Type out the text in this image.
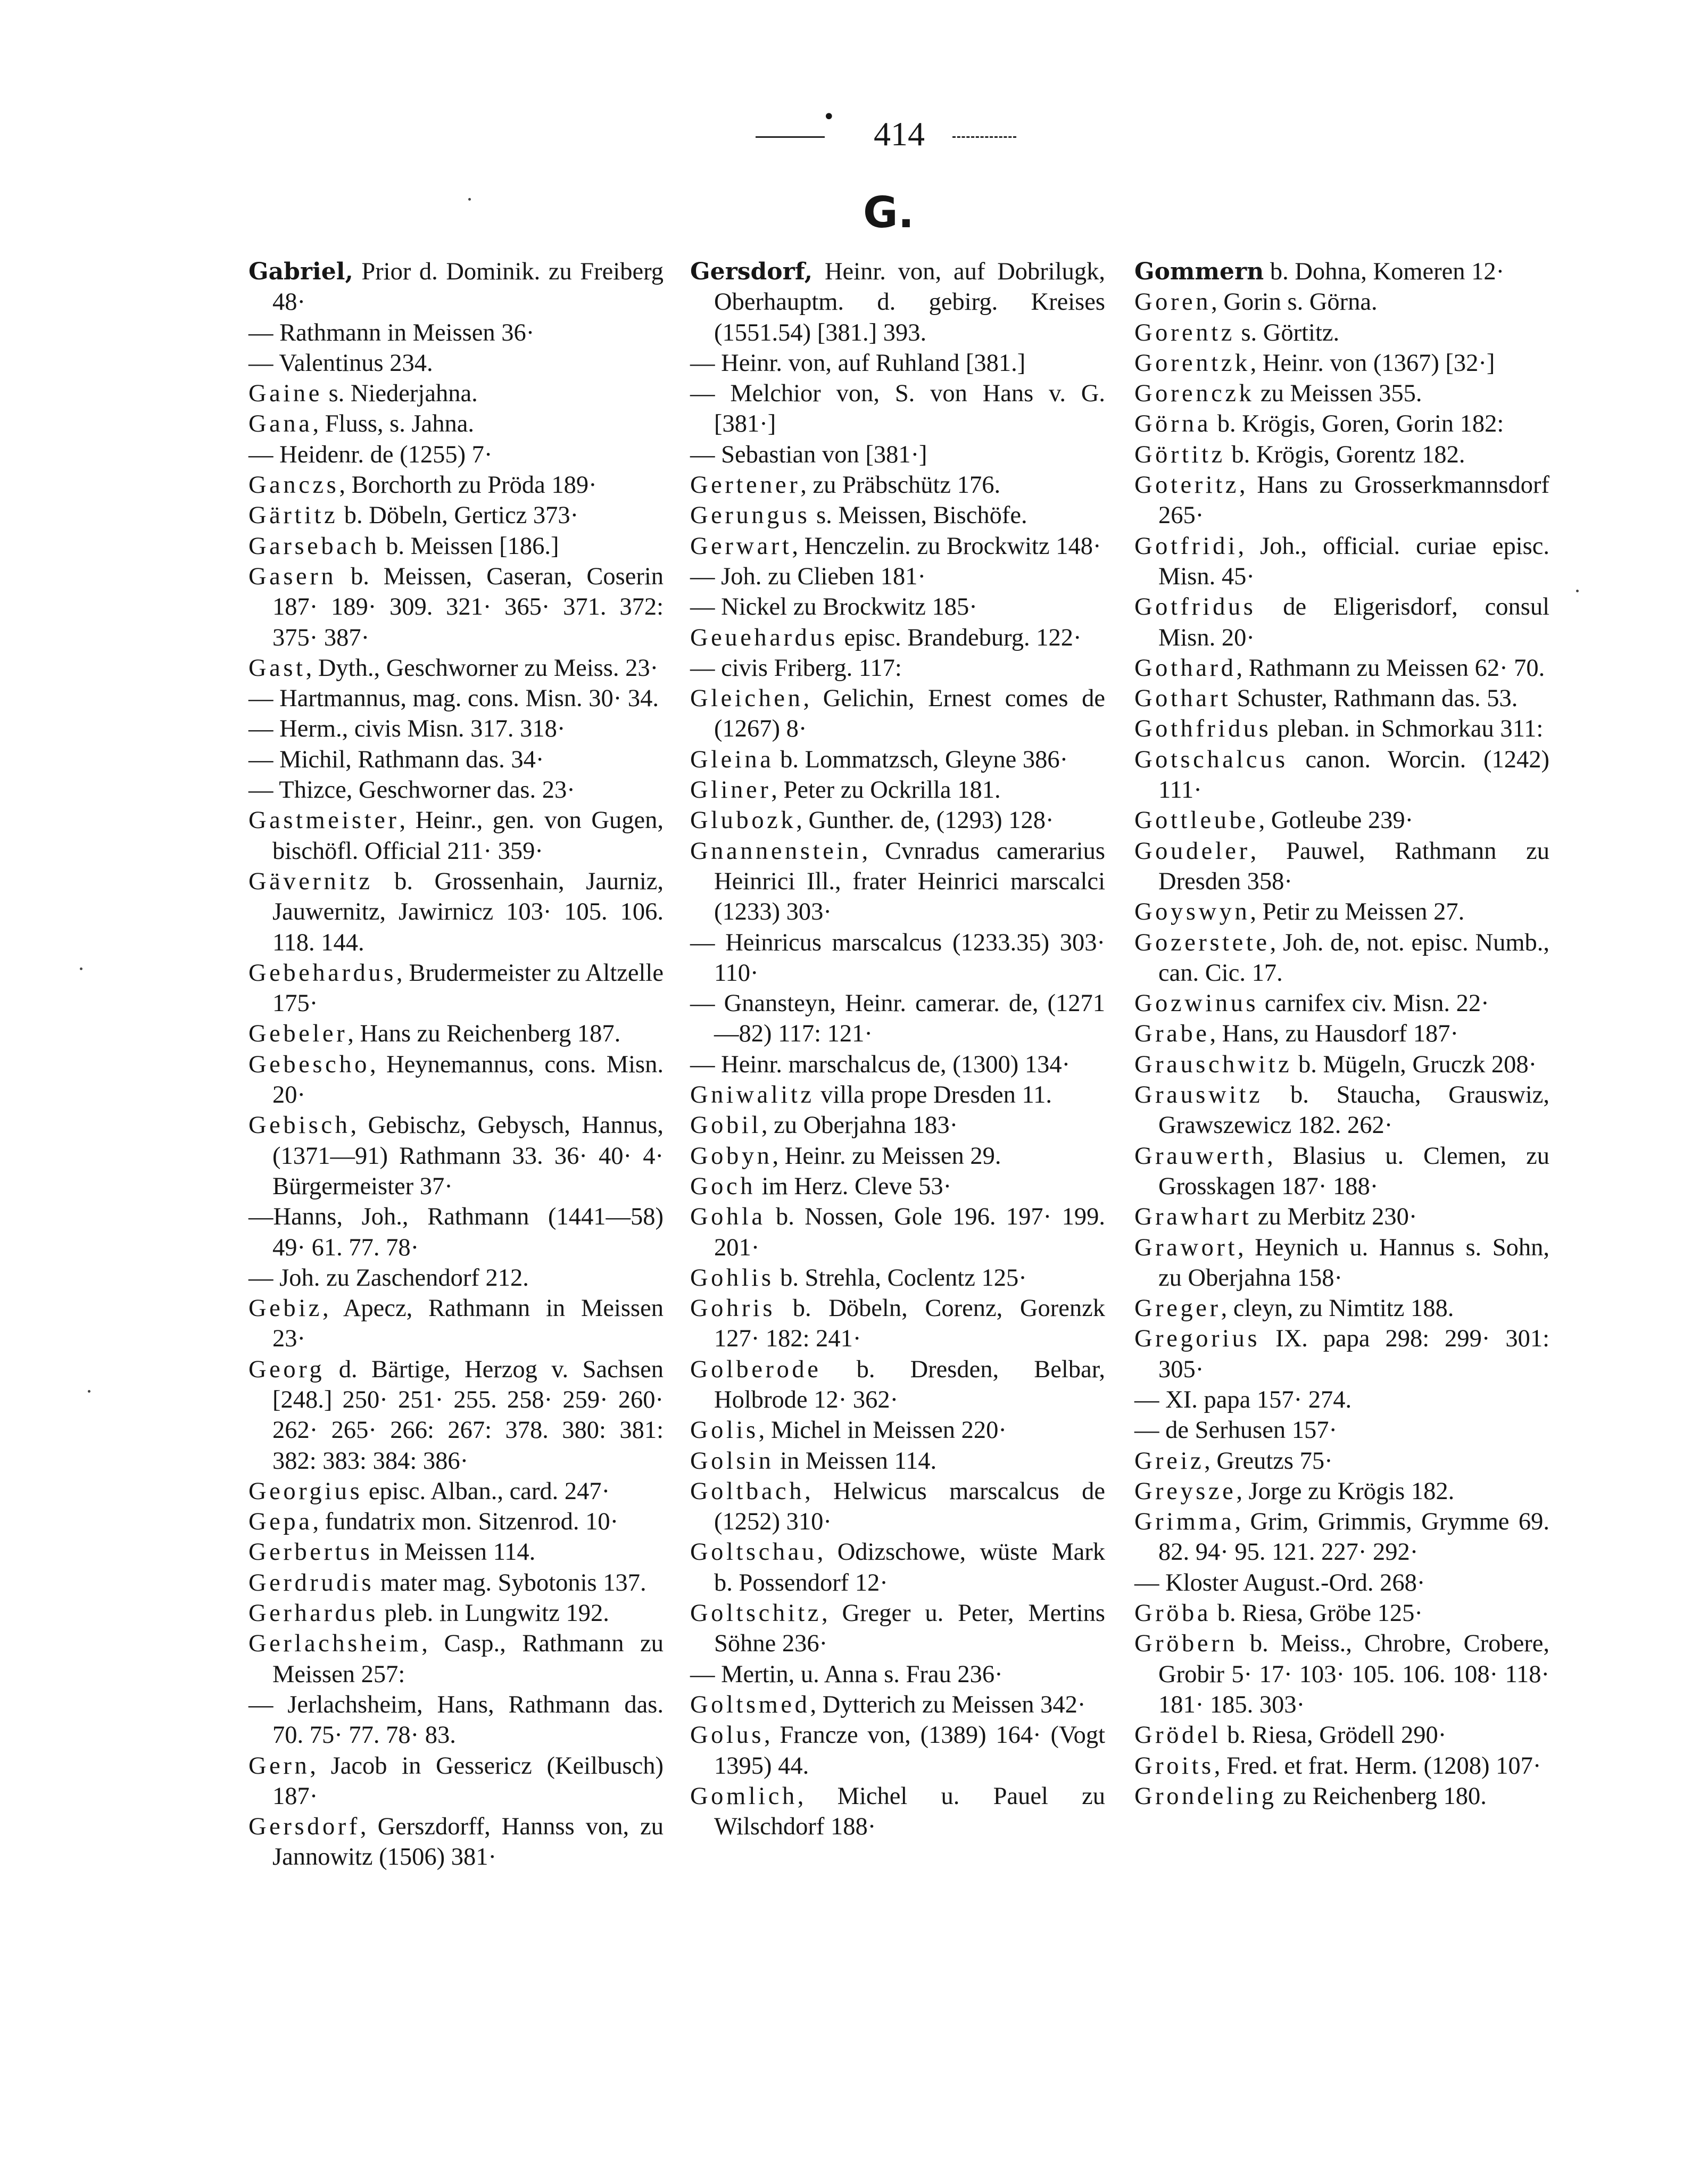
•	414
G.

Gabriel, Prior d. Dominik. zu Freiberg 48·

— Rathmann in Meissen 36·

— Valentinus 234.

Gaine s. Niederjahna.

Gana, Fluss, s. Jahna.

— Heidenr. de (1255) 7·

Ganczs, Borchorth zu Pröda 189·

Gärtitz b. Döbeln, Gerticz 373·

Garsebach b. Meissen [186.]

Gasern b. Meissen, Caseran, Coserin 187· 189· 309. 321· 365· 371. 372: 375· 387·

Gast, Dyth., Geschworner zu Meiss. 23·

— Hartmannus, mag. cons. Misn. 30· 34.

— Herm., civis Misn. 317. 318·

— Michil, Rathmann das. 34·

— Thizce, Geschworner das. 23·

Gastmeister, Heinr., gen. von Gugen, bischöfl. Official 211· 359·

Gävernitz b. Grossenhain, Jaurniz, Jauwernitz, Jawirnicz 103· 105. 106. 118. 144.

Gebehardus, Brudermeister zu Altzelle 175·

Gebeler, Hans zu Reichenberg 187.

Gebescho, Heynemannus, cons. Misn. 20·

Gebisch, Gebischz, Gebysch, Hannus, (1371—91) Rathmann 33. 36· 40· 4· Bürgermeister 37·

—Hanns, Joh., Rathmann (1441—58) 49· 61. 77. 78·

— Joh. zu Zaschendorf 212.

Gebiz, Apecz, Rathmann in Meissen 23·

Georg d. Bärtige, Herzog v. Sachsen [248.] 250· 251· 255. 258· 259· 260· 262· 265· 266: 267: 378. 380: 381: 382: 383: 384: 386·

Georgius episc. Alban., card. 247·

Gepa, fundatrix mon. Sitzenrod. 10·

Gerbertus in Meissen 114.

Gerdrudis mater mag. Sybotonis 137.

Gerhardus pleb. in Lungwitz 192.

Gerlachsheim, Casp., Rathmann zu Meissen 257:

— Jerlachsheim, Hans, Rathmann das. 70. 75· 77. 78· 83.

Gern, Jacob in Gessericz (Keilbusch) 187·

Gersdorf, Gerszdorff, Hannss von, zu Jannowitz (1506) 381·

Gersdorf, Heinr. von, auf Dobrilugk, Oberhauptm. d. gebirg. Kreises (1551.54) [381.] 393.

— Heinr. von, auf Ruhland [381.]

— Melchior von, S. von Hans v. G. [381·]

— Sebastian von [381·]

Gertener, zu Präbschütz 176.

Gerungus s. Meissen, Bischöfe.

Gerwart, Henczelin. zu Brockwitz 148·

— Joh. zu Clieben 181·

— Nickel zu Brockwitz 185·

Geuehardus episc. Brandeburg. 122·

— civis Friberg. 117:

Gleichen, Gelichin, Ernest comes de (1267) 8·

Gleina b. Lommatzsch, Gleyne 386·

Gliner, Peter zu Ockrilla 181.

Glubozk, Gunther. de, (1293) 128·

Gnannenstein, Cvnradus camerarius Heinrici Ill., frater Heinrici marscalci (1233) 303·

— Heinricus marscalcus (1233.35) 303· 110·

— Gnansteyn, Heinr. camerar. de, (1271—82) 117: 121·

— Heinr. marschalcus de, (1300) 134·

Gniwalitz villa prope Dresden 11.

Gobil, zu Oberjahna 183·

Gobyn, Heinr. zu Meissen 29.

Goch im Herz. Cleve 53·

Gohla b. Nossen, Gole 196. 197· 199. 201·

Gohlis b. Strehla, Coclentz 125·

Gohris b. Döbeln, Corenz, Gorenzk 127· 182: 241·

Golberode b. Dresden, Belbar, Holbrode 12· 362·

Golis, Michel in Meissen 220·

Golsin in Meissen 114.

Goltbach, Helwicus marscalcus de (1252) 310·

Goltschau, Odizschowe, wüste Mark b. Possendorf 12·

Goltschitz, Greger u. Peter, Mertins Söhne 236·

— Mertin, u. Anna s. Frau 236·

Goltsmed, Dytterich zu Meissen 342·

Golus, Francze von, (1389) 164· (Vogt 1395) 44.

Gomlich, Michel u. Pauel zu Wilschdorf 188·

Gommern b. Dohna, Komeren 12·

Goren, Gorin s. Görna.

Gorentz s. Görtitz.

Gorentzk, Heinr. von (1367) [32·]

Gorenczk zu Meissen 355.

Görna b. Krögis, Goren, Gorin 182:

Görtitz b. Krögis, Gorentz 182.

Goteritz, Hans zu Grosserkmannsdorf 265·

Gotfridi, Joh., official. curiae episc. Misn. 45·

Gotfridus de Eligerisdorf, consul Misn. 20·

Gothard, Rathmann zu Meissen 62· 70.

Gothart Schuster, Rathmann das. 53.

Gothfridus pleban. in Schmorkau 311:

Gotschalcus canon. Worcin. (1242) 111·

Gottleube, Gotleube 239·

Goudeler, Pauwel, Rathmann zu Dresden 358·

Goyswyn, Petir zu Meissen 27.

Gozerstete, Joh. de, not. episc. Numb., can. Cic. 17.

Gozwinus carnifex civ. Misn. 22·

Grabe, Hans, zu Hausdorf 187·

Grauschwitz b. Mügeln, Gruczk 208·

Grauswitz b. Staucha, Grauswiz, Grawszewicz 182. 262·

Grauwerth, Blasius u. Clemen, zu Grosskagen 187· 188·

Grawhart zu Merbitz 230·

Grawort, Heynich u. Hannus s. Sohn, zu Oberjahna 158·

Greger, cleyn, zu Nimtitz 188.

Gregorius IX. papa 298: 299· 301: 305·

— XI. papa 157· 274.

— de Serhusen 157·

Greiz, Greutzs 75·

Greysze, Jorge zu Krögis 182.

Grimma, Grim, Grimmis, Grymme 69. 82. 94· 95. 121. 227· 292·

— Kloster August.-Ord. 268·

Gröba b. Riesa, Gröbe 125·

Gröbern b. Meiss., Chrobre, Crobere, Grobir 5· 17· 103· 105. 106. 108· 118· 181· 185. 303·

Grödel b. Riesa, Grödell 290·

Groits, Fred. et frat. Herm. (1208) 107·

Grondeling zu Reichenberg 180.
